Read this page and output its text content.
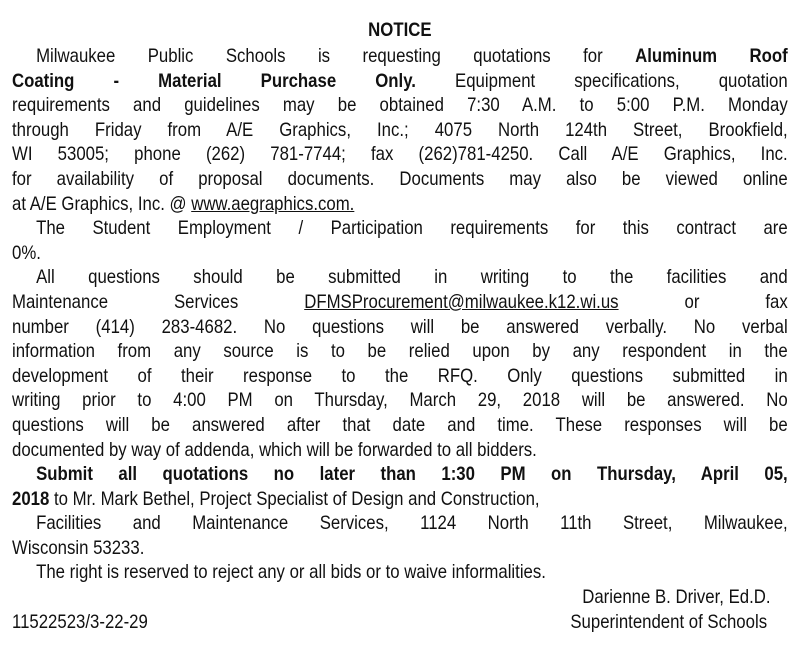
NOTICE
Milwaukee Public Schools is requesting quotations for Aluminum Roof
Coating - Material Purchase Only. Equipment specifications, quotation
requirements and guidelines may be obtained 7:30 A.M. to 5:00 P.M. Monday
through Friday from A/E Graphics, Inc.; 4075 North 124th Street, Brookfield,
WI 53005; phone (262) 781-7744; fax (262)781-4250. Call A/E Graphics, Inc.
for availability of proposal documents. Documents may also be viewed online
at A/E Graphics, Inc. @ www.aegraphics.com.
The Student Employment / Participation requirements for this contract are
0%.
All questions should be submitted in writing to the facilities and
Maintenance Services DFMSProcurement@milwaukee.k12.wi.us or fax
number (414) 283-4682. No questions will be answered verbally. No verbal
information from any source is to be relied upon by any respondent in the
development of their response to the RFQ. Only questions submitted in
writing prior to 4:00 PM on Thursday, March 29, 2018 will be answered. No
questions will be answered after that date and time. These responses will be
documented by way of addenda, which will be forwarded to all bidders.
Submit all quotations no later than 1:30 PM on Thursday, April 05,
2018 to Mr. Mark Bethel, Project Specialist of Design and Construction,
Facilities and Maintenance Services, 1124 North 11th Street, Milwaukee,
Wisconsin 53233.
The right is reserved to reject any or all bids or to waive informalities.
Darienne B. Driver, Ed.D.
11522523/3-22-29	Superintendent of Schools
